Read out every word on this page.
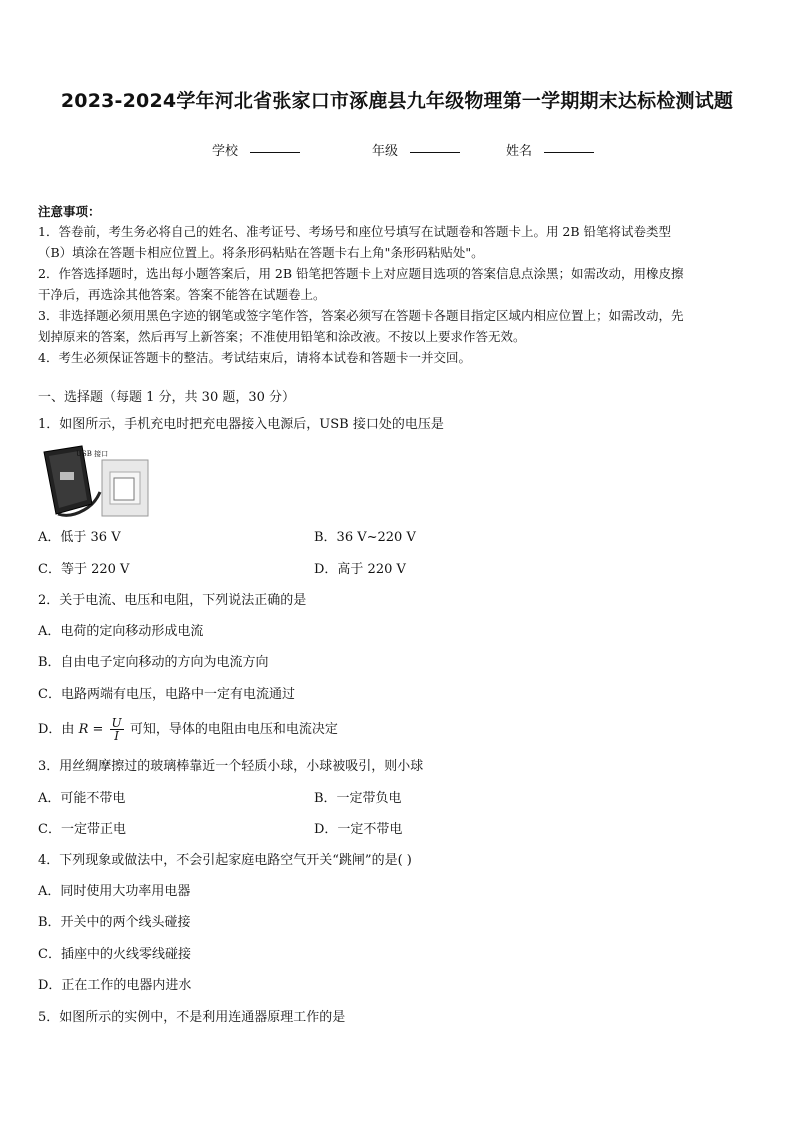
2023-2024学年河北省张家口市涿鹿县九年级物理第一学期期末达标检测试题
学校	年级	姓名
注意事项：
1．答卷前，考生务必将自己的姓名、准考证号、考场号和座位号填写在试题卷和答题卡上。用 2B 铅笔将试卷类型
（B）填涂在答题卡相应位置上。将条形码粘贴在答题卡右上角"条形码粘贴处"。
2．作答选择题时，选出每小题答案后，用 2B 铅笔把答题卡上对应题目选项的答案信息点涂黑；如需改动，用橡皮擦
干净后，再选涂其他答案。答案不能答在试题卷上。
3．非选择题必须用黑色字迹的钢笔或签字笔作答，答案必须写在答题卡各题目指定区域内相应位置上；如需改动，先
划掉原来的答案，然后再写上新答案；不准使用铅笔和涂改液。不按以上要求作答无效。
4．考生必须保证答题卡的整洁。考试结束后，请将本试卷和答题卡一并交回。
一、选择题（每题 1 分，共 30 题，30 分）
1．如图所示，手机充电时把充电器接入电源后，USB 接口处的电压是
USB 接口
A．低于 36 V	B．36 V~220 V
C．等于 220 V	D．高于 220 V
2．关于电流、电压和电阻，下列说法正确的是
A．电荷的定向移动形成电流
B．自由电子定向移动的方向为电流方向
C．电路两端有电压，电路中一定有电流通过
D．由 $R = \frac{U}{I}$ 可知，导体的电阻由电压和电流决定
3．用丝绸摩擦过的玻璃棒靠近一个轻质小球，小球被吸引，则小球
A．可能不带电	B．一定带负电
C．一定带正电	D．一定不带电
4．下列现象或做法中，不会引起家庭电路空气开关“跳闸”的是( )
A．同时使用大功率用电器
B．开关中的两个线头碰接
C．插座中的火线零线碰接
D．正在工作的电器内进水
5．如图所示的实例中，不是利用连通器原理工作的是
